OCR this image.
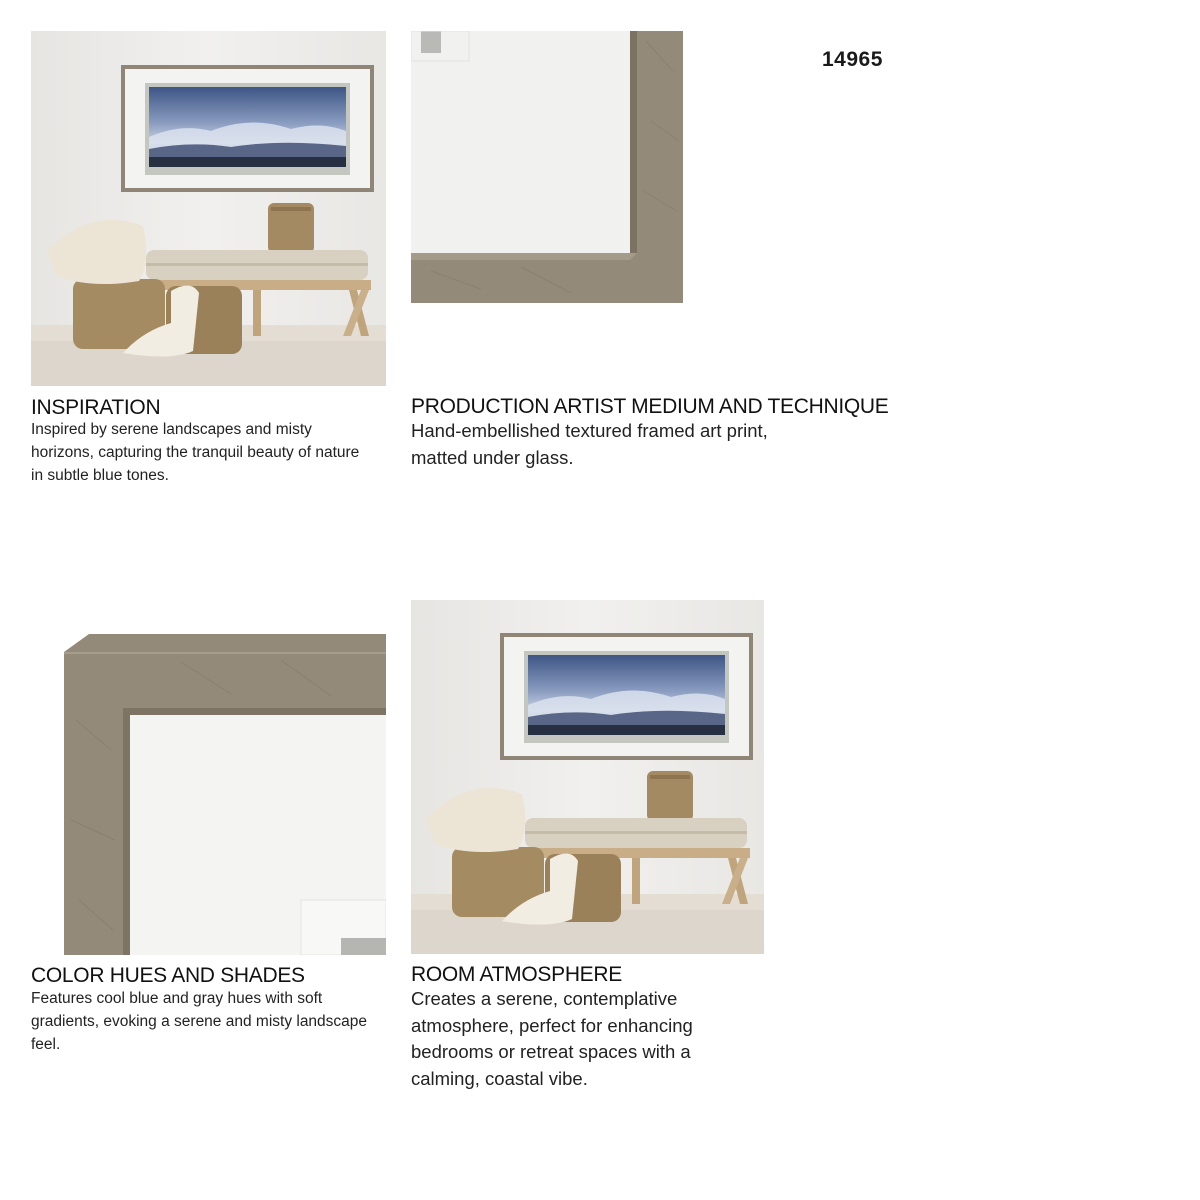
14965
INSPIRATION
Inspired by serene landscapes and misty horizons, capturing the tranquil beauty of nature in subtle blue tones.
PRODUCTION ARTIST MEDIUM AND TECHNIQUE
Hand-embellished textured framed art print, matted under glass.
COLOR HUES AND SHADES
Features cool blue and gray hues with soft gradients, evoking a serene and misty landscape feel.
ROOM ATMOSPHERE
Creates a serene, contemplative atmosphere, perfect for enhancing bedrooms or retreat spaces with a calming, coastal vibe.
